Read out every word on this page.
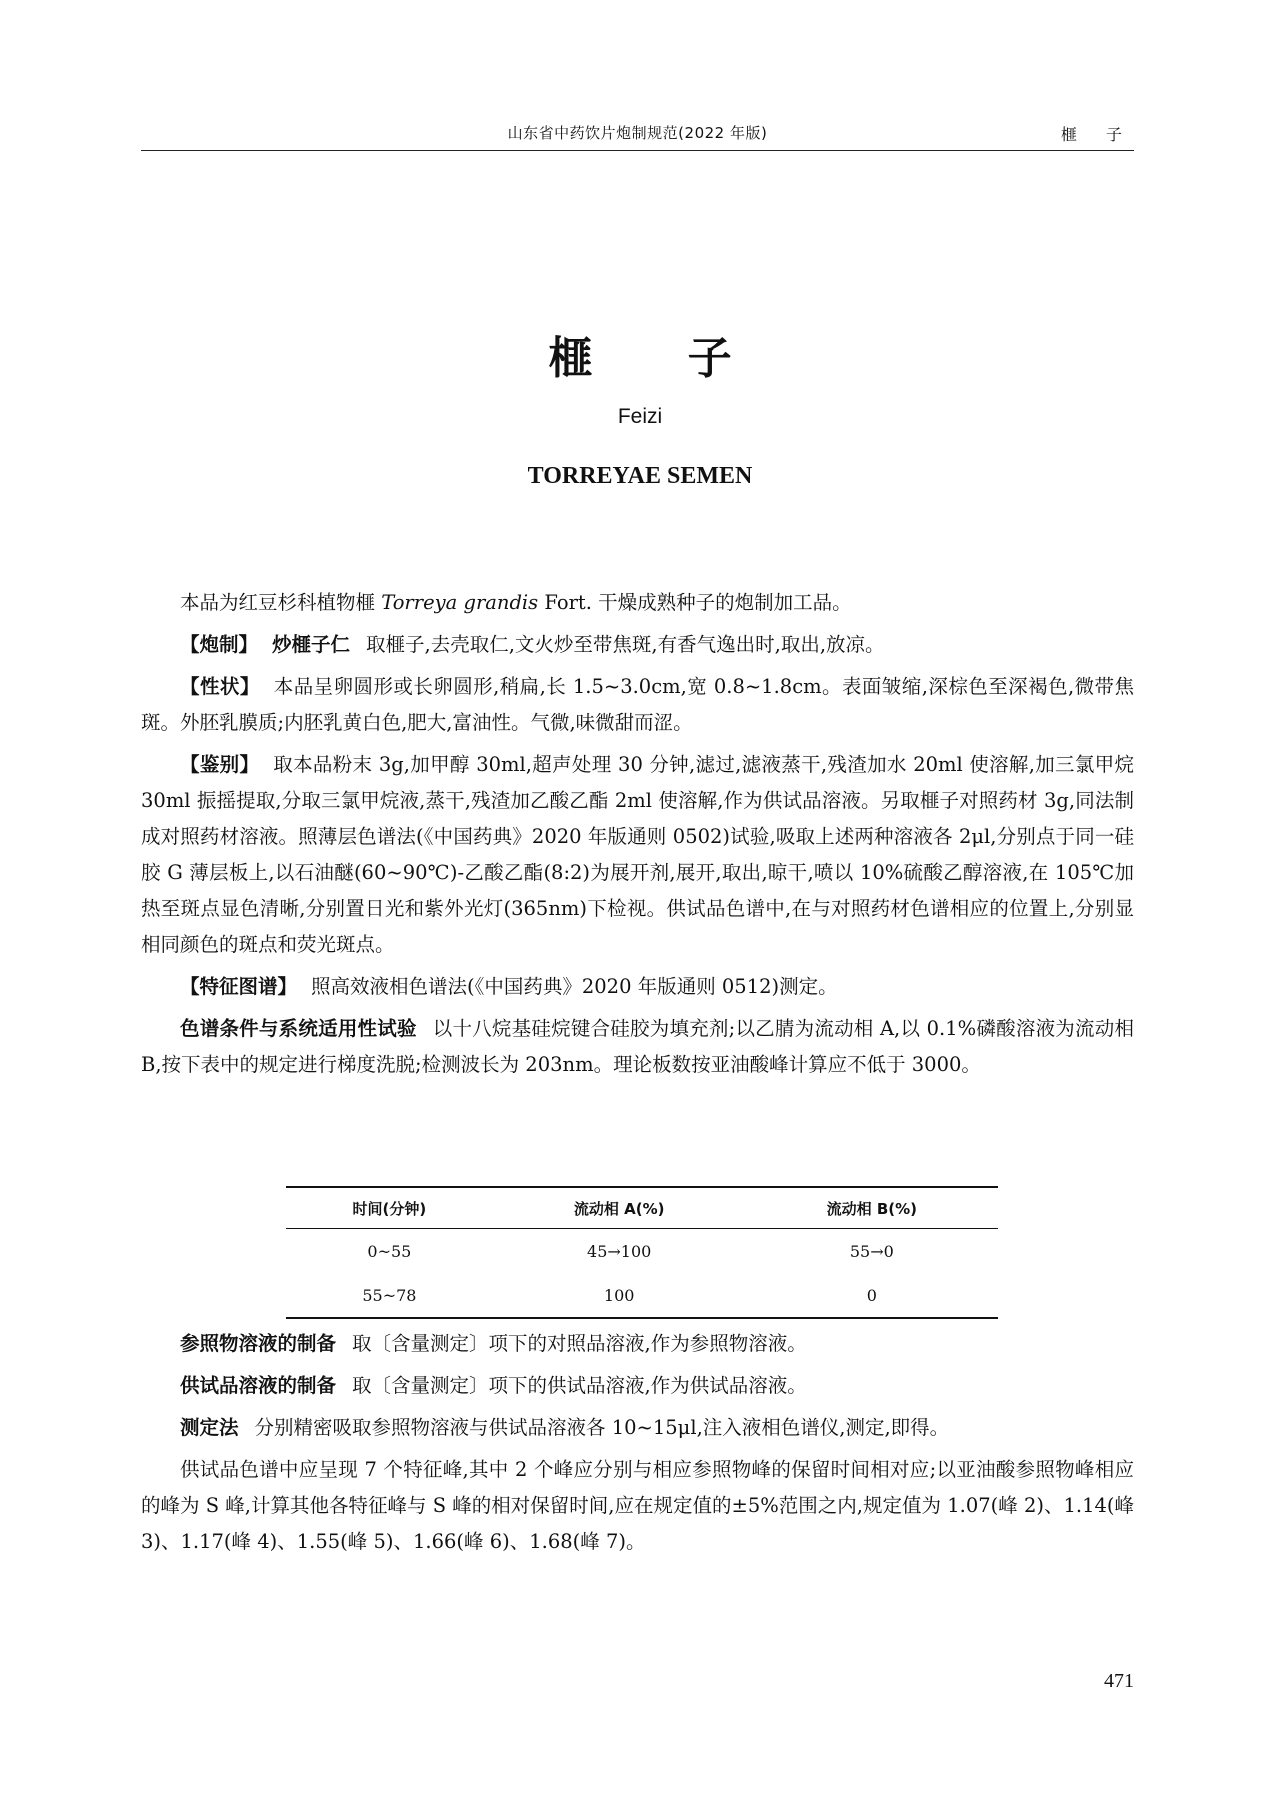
山东省中药饮片炮制规范(2022 年版)	榧 子
榧 子
Feizi
TORREYAE SEMEN

本品为红豆杉科植物榧 Torreya grandis Fort. 干燥成熟种子的炮制加工品。

【炮制】 炒榧子仁 取榧子,去壳取仁,文火炒至带焦斑,有香气逸出时,取出,放凉。

【性状】 本品呈卵圆形或长卵圆形,稍扁,长 1.5~3.0cm,宽 0.8~1.8cm。表面皱缩,深棕色至深褐色,微带焦斑。外胚乳膜质;内胚乳黄白色,肥大,富油性。气微,味微甜而涩。

【鉴别】 取本品粉末 3g,加甲醇 30ml,超声处理 30 分钟,滤过,滤液蒸干,残渣加水 20ml 使溶解,加三氯甲烷 30ml 振摇提取,分取三氯甲烷液,蒸干,残渣加乙酸乙酯 2ml 使溶解,作为供试品溶液。另取榧子对照药材 3g,同法制成对照药材溶液。照薄层色谱法(《中国药典》2020 年版通则 0502)试验,吸取上述两种溶液各 2μl,分别点于同一硅胶 G 薄层板上,以石油醚(60~90℃)-乙酸乙酯(8:2)为展开剂,展开,取出,晾干,喷以 10%硫酸乙醇溶液,在 105℃加热至斑点显色清晰,分别置日光和紫外光灯(365nm)下检视。供试品色谱中,在与对照药材色谱相应的位置上,分别显相同颜色的斑点和荧光斑点。

【特征图谱】 照高效液相色谱法(《中国药典》2020 年版通则 0512)测定。

色谱条件与系统适用性试验 以十八烷基硅烷键合硅胶为填充剂;以乙腈为流动相 A,以 0.1%磷酸溶液为流动相 B,按下表中的规定进行梯度洗脱;检测波长为 203nm。理论板数按亚油酸峰计算应不低于 3000。

时间(分钟)	流动相 A(%)	流动相 B(%)
0~55	45→100	55→0
55~78	100	0

参照物溶液的制备 取〔含量测定〕项下的对照品溶液,作为参照物溶液。

供试品溶液的制备 取〔含量测定〕项下的供试品溶液,作为供试品溶液。

测定法 分别精密吸取参照物溶液与供试品溶液各 10~15μl,注入液相色谱仪,测定,即得。

供试品色谱中应呈现 7 个特征峰,其中 2 个峰应分别与相应参照物峰的保留时间相对应;以亚油酸参照物峰相应的峰为 S 峰,计算其他各特征峰与 S 峰的相对保留时间,应在规定值的±5%范围之内,规定值为 1.07(峰 2)、1.14(峰 3)、1.17(峰 4)、1.55(峰 5)、1.66(峰 6)、1.68(峰 7)。

471
